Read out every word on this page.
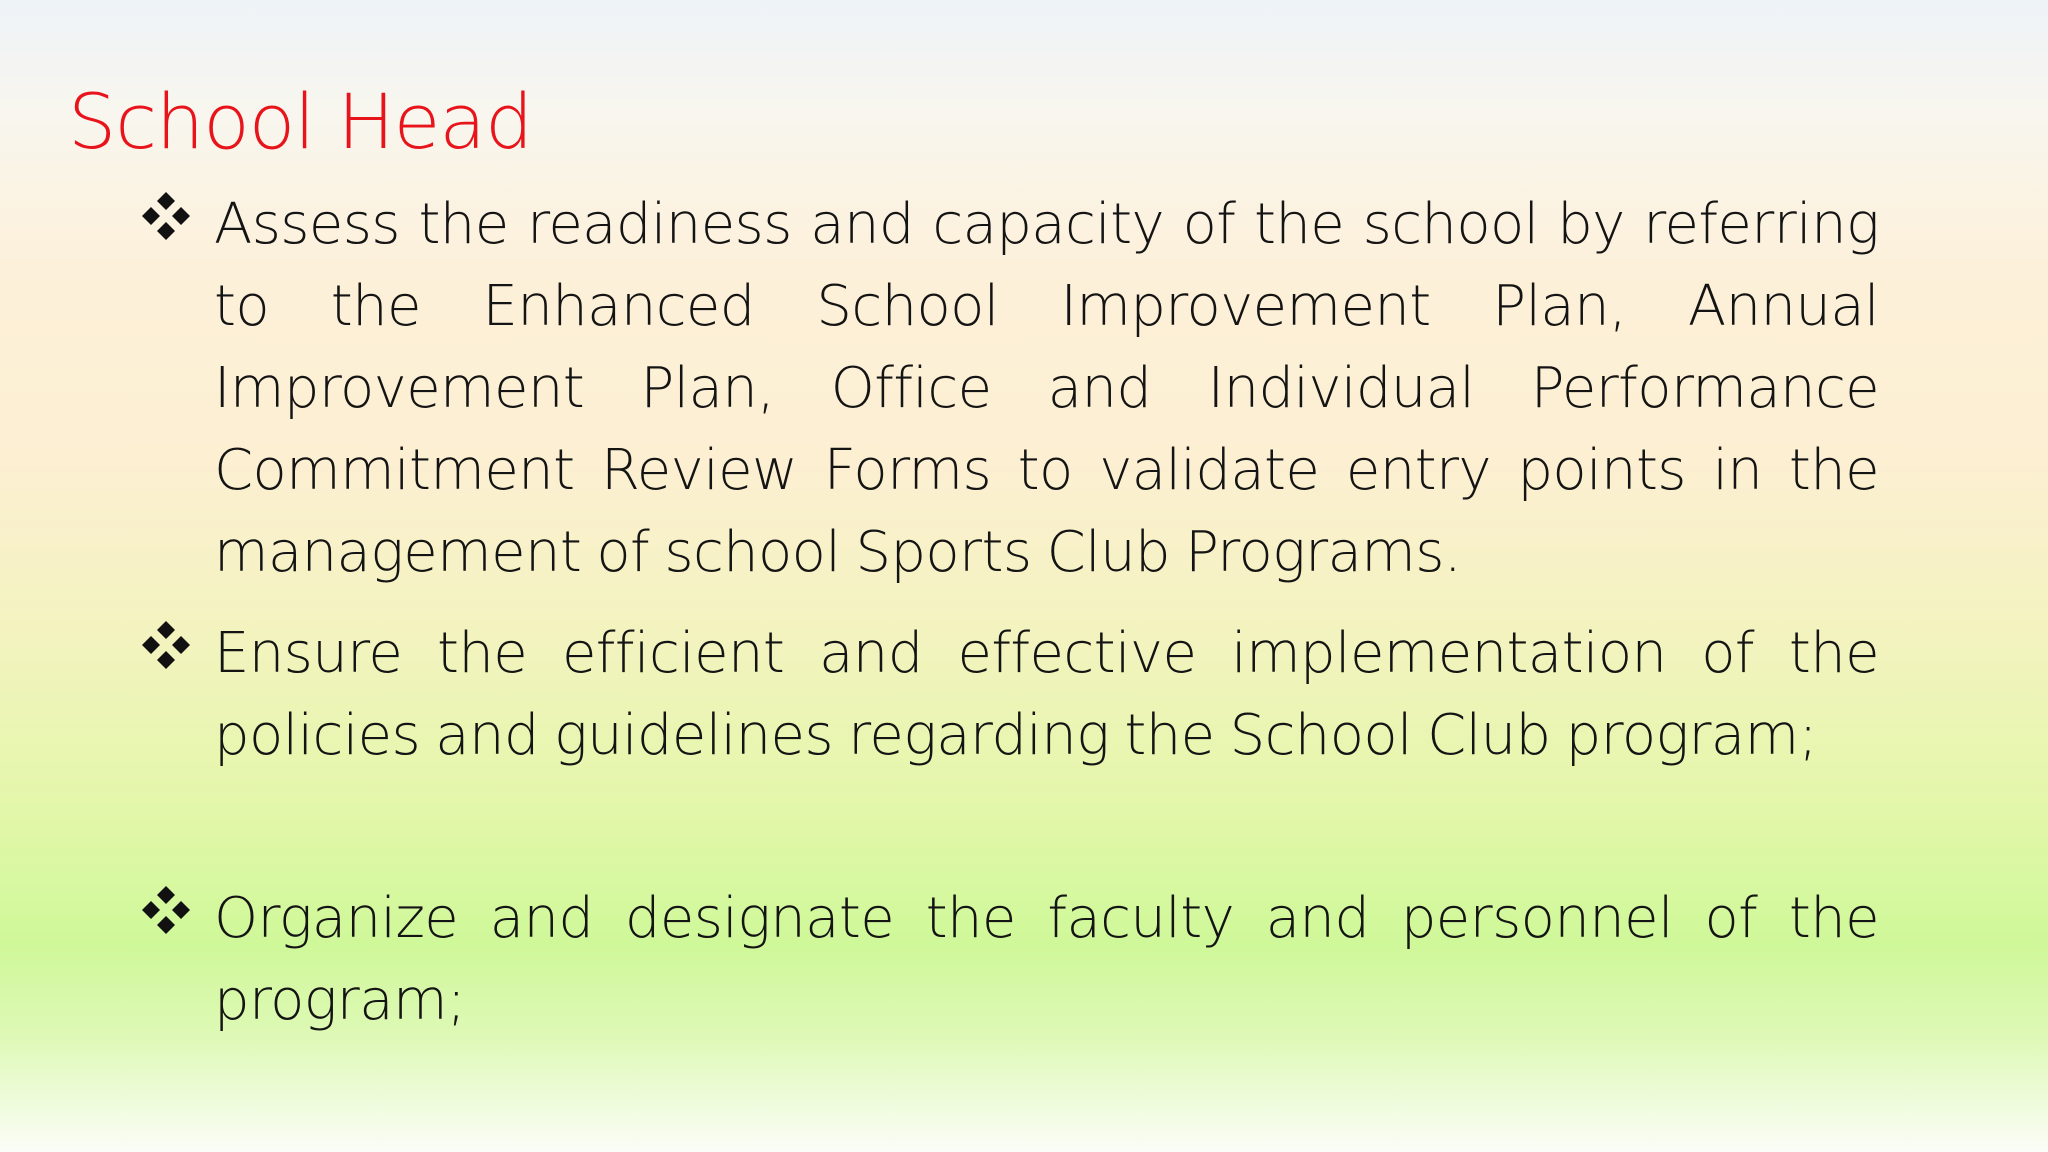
School Head

Assess the readiness and capacity of the school by referring to the Enhanced School Improvement Plan, Annual Improvement Plan, Office and Individual Performance Commitment Review Forms to validate entry points in the management of school Sports Club Programs.

Ensure the efficient and effective implementation of the policies and guidelines regarding the School Club program;

Organize and designate the faculty and personnel of the program;
